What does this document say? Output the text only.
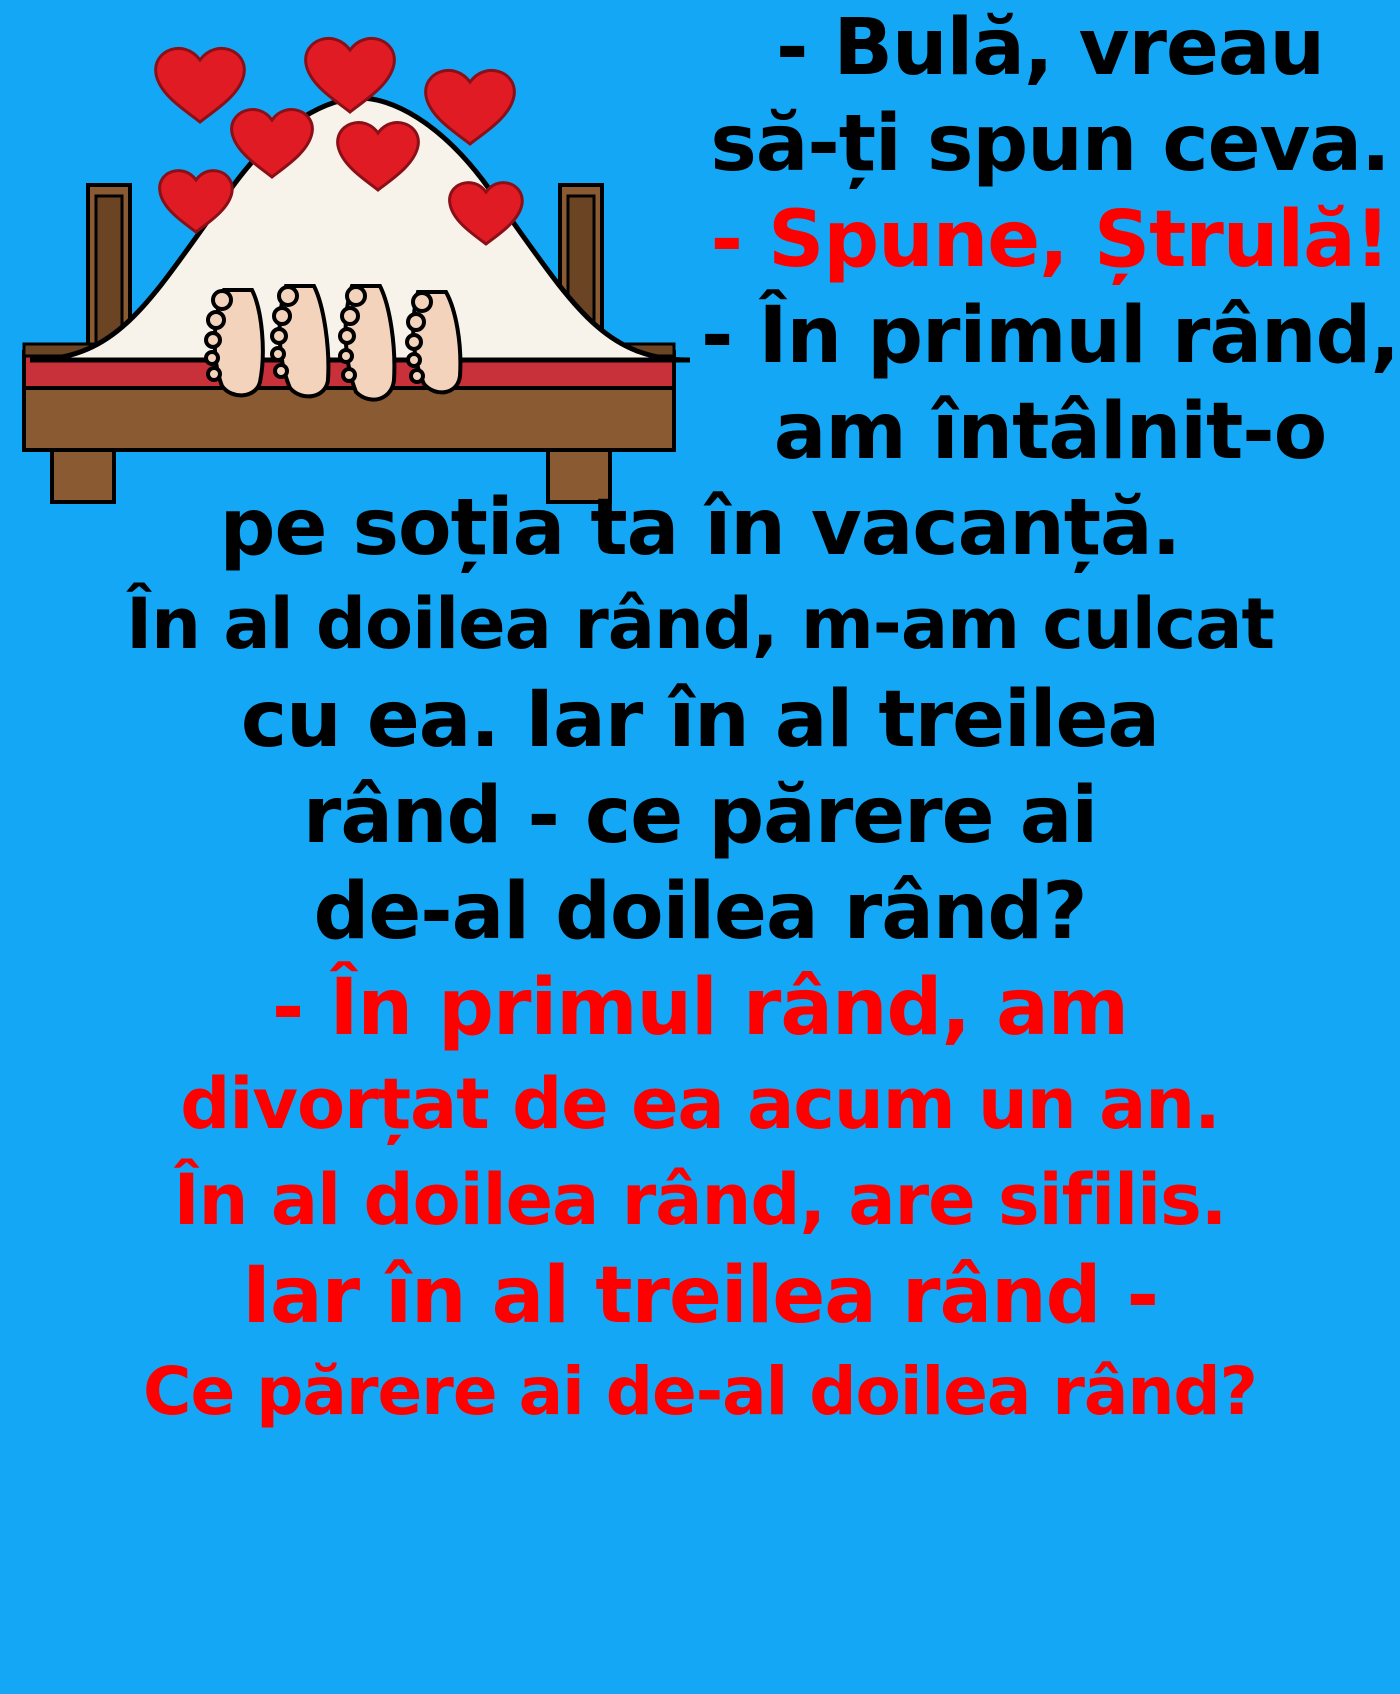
- Bulă, vreau
să-ți spun ceva.
- Spune, Ștrulă!
- În primul rând,
am întâlnit-o
pe soția ta în vacanță.
În al doilea rând, m-am culcat
cu ea. Iar în al treilea
rând - ce părere ai
de-al doilea rând?
- În primul rând, am
divorțat de ea acum un an.
În al doilea rând, are sifilis.
Iar în al treilea rând -
Ce părere ai de-al doilea rând?
